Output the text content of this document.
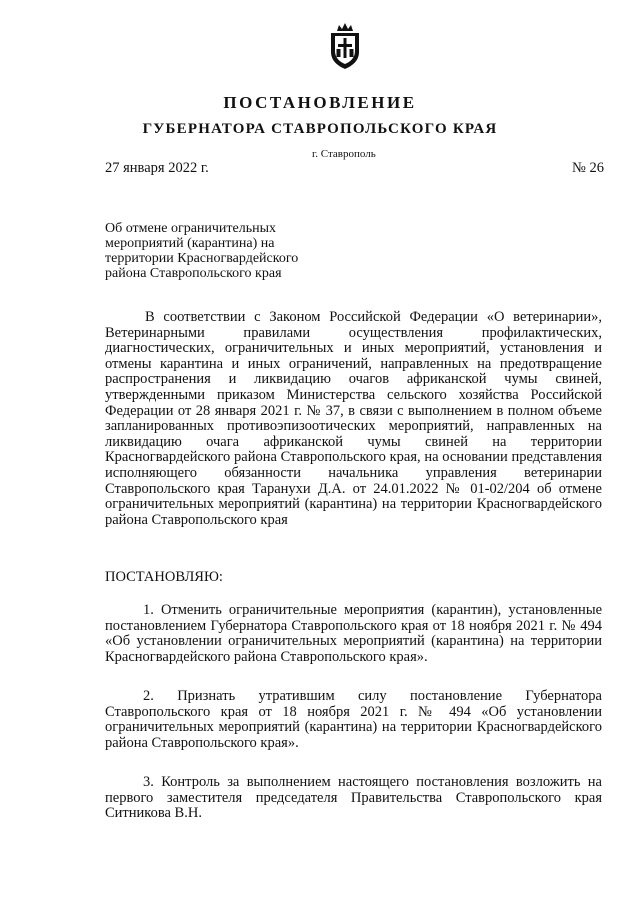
ПОСТАНОВЛЕНИЕ
ГУБЕРНАТОРА СТАВРОПОЛЬСКОГО КРАЯ

г. Ставрополь

27 января 2022 г.	№ 26

Об отмене ограничительных мероприятий (карантина) на территории Красногвардейского района Ставропольского края

В соответствии с Законом Российской Федерации «О ветеринарии», Ветеринарными правилами осуществления профилактических, диагностических, ограничительных и иных мероприятий, установления и отмены карантина и иных ограничений, направленных на предотвращение распространения и ликвидацию очагов африканской чумы свиней, утвержденными приказом Министерства сельского хозяйства Российской Федерации от 28 января 2021 г. № 37, в связи с выполнением в полном объеме запланированных противоэпизоотических мероприятий, направленных на ликвидацию очага африканской чумы свиней на территории Красногвардейского района Ставропольского края, на основании представления исполняющего обязанности начальника управления ветеринарии Ставропольского края Таранухи Д.А. от 24.01.2022 № 01-02/204 об отмене ограничительных мероприятий (карантина) на территории Красногвардейского района Ставропольского края

ПОСТАНОВЛЯЮ:

1. Отменить ограничительные мероприятия (карантин), установленные постановлением Губернатора Ставропольского края от 18 ноября 2021 г. № 494 «Об установлении ограничительных мероприятий (карантина) на территории Красногвардейского района Ставропольского края».

2. Признать утратившим силу постановление Губернатора Ставропольского края от 18 ноября 2021 г. № 494 «Об установлении ограничительных мероприятий (карантина) на территории Красногвардейского района Ставропольского края».

3. Контроль за выполнением настоящего постановления возложить на первого заместителя председателя Правительства Ставропольского края Ситникова В.Н.
